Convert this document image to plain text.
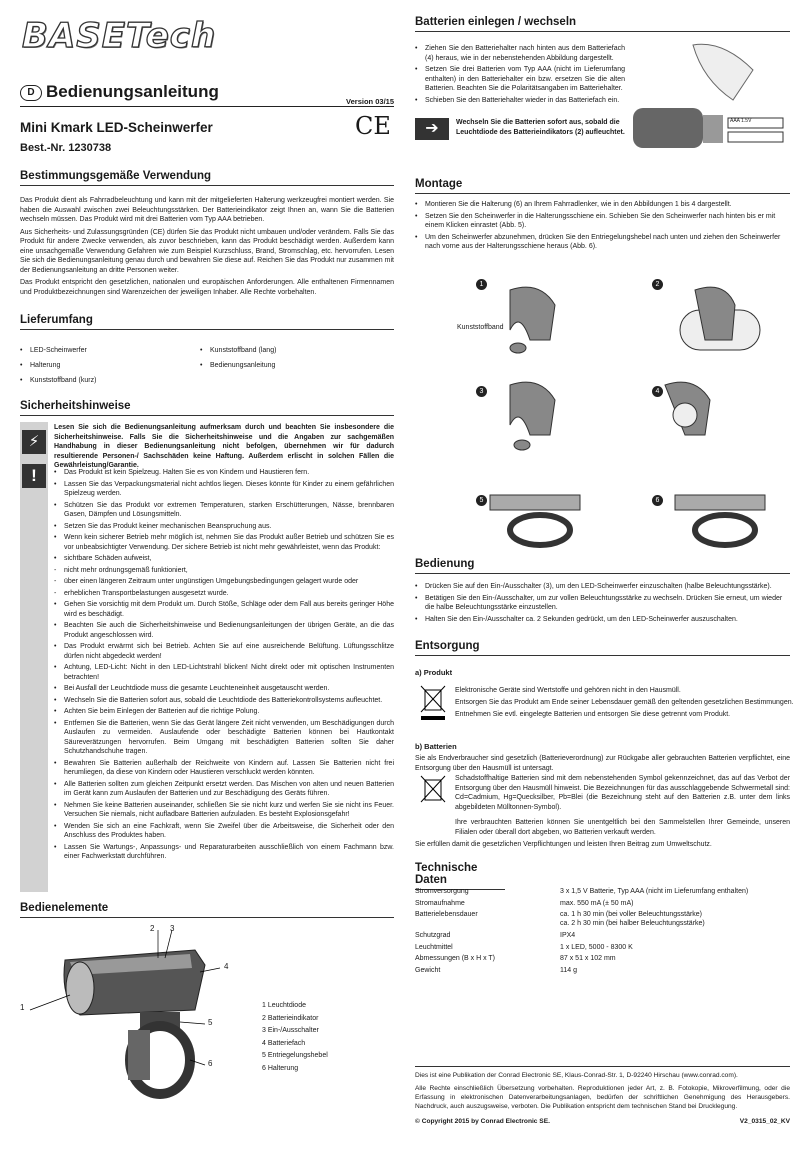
BASETech
D Bedienungsanleitung
Version 03/15
CE
Mini Kmark LED-Scheinwerfer
Best.-Nr. 1230738
Bestimmungsgemäße Verwendung
Das Produkt dient als Fahrradbeleuchtung und kann mit der mitgelieferten Halterung werkzeugfrei montiert werden. Sie haben die Auswahl zwischen zwei Beleuchtungsstärken. Der Batterieindikator zeigt Ihnen an, wann Sie die Batterien wechseln müssen. Das Produkt wird mit drei Batterien vom Typ AAA betrieben.
Aus Sicherheits- und Zulassungsgründen (CE) dürfen Sie das Produkt nicht umbauen und/oder verändern. Falls Sie das Produkt für andere Zwecke verwenden, als zuvor beschrieben, kann das Produkt beschädigt werden. Außerdem kann eine unsachgemäße Verwendung Gefahren wie zum Beispiel Kurzschluss, Brand, Stromschlag, etc. hervorrufen. Lesen Sie sich die Bedienungsanleitung genau durch und bewahren Sie diese auf. Reichen Sie das Produkt nur zusammen mit der Bedienungsanleitung an dritte Personen weiter.
Das Produkt entspricht den gesetzlichen, nationalen und europäischen Anforderungen. Alle enthaltenen Firmennamen und Produktbezeichnungen sind Warenzeichen der jeweiligen Inhaber. Alle Rechte vorbehalten.
Lieferumfang
• LED-Scheinwerfer
• Halterung
• Kunststoffband (kurz)
• Kunststoffband (lang)
• Bedienungsanleitung
Sicherheitshinweise
⚡
!
Lesen Sie sich die Bedienungsanleitung aufmerksam durch und beachten Sie insbesondere die Sicherheitshinweise. Falls Sie die Sicherheitshinweise und die Angaben zur sachgemäßen Handhabung in dieser Bedienungsanleitung nicht befolgen, übernehmen wir für dadurch resultierende Personen-/ Sachschäden keine Haftung. Außerdem erlischt in solchen Fällen die Gewährleistung/Garantie.
• Das Produkt ist kein Spielzeug. Halten Sie es von Kindern und Haustieren fern.
• Lassen Sie das Verpackungsmaterial nicht achtlos liegen. Dieses könnte für Kinder zu einem gefährlichen Spielzeug werden.
• Schützen Sie das Produkt vor extremen Temperaturen, starken Erschütterungen, Nässe, brennbaren Gasen, Dämpfen und Lösungsmitteln.
• Setzen Sie das Produkt keiner mechanischen Beanspruchung aus.
• Wenn kein sicherer Betrieb mehr möglich ist, nehmen Sie das Produkt außer Betrieb und schützen Sie es vor unbeabsichtigter Verwendung. Der sichere Betrieb ist nicht mehr gewährleistet, wenn das Produkt:
- • sichtbare Schäden aufweist,
- nicht mehr ordnungsgemäß funktioniert,
- über einen längeren Zeitraum unter ungünstigen Umgebungsbedingungen gelagert wurde oder
- erheblichen Transportbelastungen ausgesetzt wurde.
• Gehen Sie vorsichtig mit dem Produkt um. Durch Stöße, Schläge oder dem Fall aus bereits geringer Höhe wird es beschädigt.
• Beachten Sie auch die Sicherheitshinweise und Bedienungsanleitungen der übrigen Geräte, an die das Produkt angeschlossen wird.
• Das Produkt erwärmt sich bei Betrieb. Achten Sie auf eine ausreichende Belüftung. Lüftungsschlitze dürfen nicht abgedeckt werden!
• Achtung, LED-Licht: Nicht in den LED-Lichtstrahl blicken! Nicht direkt oder mit optischen Instrumenten betrachten!
• Bei Ausfall der Leuchtdiode muss die gesamte Leuchteneinheit ausgetauscht werden.
• Wechseln Sie die Batterien sofort aus, sobald die Leuchtdiode des Batteriekontrollsystems aufleuchtet.
• Achten Sie beim Einlegen der Batterien auf die richtige Polung.
• Entfernen Sie die Batterien, wenn Sie das Gerät längere Zeit nicht verwenden, um Beschädigungen durch Auslaufen zu vermeiden. Auslaufende oder beschädigte Batterien können bei Hautkontakt Säureverätzungen hervorrufen. Beim Umgang mit beschädigten Batterien sollten Sie daher Schutzhandschuhe tragen.
• Bewahren Sie Batterien außerhalb der Reichweite von Kindern auf. Lassen Sie Batterien nicht frei herumliegen, da diese von Kindern oder Haustieren verschluckt werden könnten.
• Alle Batterien sollten zum gleichen Zeitpunkt ersetzt werden. Das Mischen von alten und neuen Batterien im Gerät kann zum Auslaufen der Batterien und zur Beschädigung des Geräts führen.
• Nehmen Sie keine Batterien auseinander, schließen Sie sie nicht kurz und werfen Sie sie nicht ins Feuer. Versuchen Sie niemals, nicht aufladbare Batterien aufzuladen. Es besteht Explosionsgefahr!
• Wenden Sie sich an eine Fachkraft, wenn Sie Zweifel über die Arbeitsweise, die Sicherheit oder den Anschluss des Produktes haben.
• Lassen Sie Wartungs-, Anpassungs- und Reparaturarbeiten ausschließlich von einem Fachmann bzw. einer Fachwerkstatt durchführen.
Bedienelemente
1
2 3
4
5
6
1 Leuchtdiode
2 Batterieindikator
3 Ein-/Ausschalter
4 Batteriefach
5 Entriegelungshebel
6 Halterung
Batterien einlegen / wechseln
• Ziehen Sie den Batteriehalter nach hinten aus dem Batteriefach (4) heraus, wie in der nebenstehenden Abbildung dargestellt.
• Setzen Sie drei Batterien vom Typ AAA (nicht im Lieferumfang enthalten) in den Batteriehalter ein bzw. ersetzen Sie die alten Batterien. Beachten Sie die Polaritätsangaben im Batteriehalter.
• Schieben Sie den Batteriehalter wieder in das Batteriefach ein.
AAA 1.5V
➔	Wechseln Sie die Batterien sofort aus, sobald die Leuchtdiode des Batterieindikators (2) aufleuchtet.
Montage
• Montieren Sie die Halterung (6) an Ihrem Fahrradlenker, wie in den Abbildungen 1 bis 4 dargestellt.
• Setzen Sie den Scheinwerfer in die Halterungsschiene ein. Schieben Sie den Scheinwerfer nach hinten bis er mit einem Klicken einrastet (Abb. 5).
• Um den Scheinwerfer abzunehmen, drücken Sie den Entriegelungshebel nach unten und ziehen den Scheinwerfer nach vorne aus der Halterungsschiene heraus (Abb. 6).
Kunststoffband
1	2
3	4
5	6
Bedienung
• Drücken Sie auf den Ein-/Ausschalter (3), um den LED-Scheinwerfer einzuschalten (halbe Beleuchtungsstärke).
• Betätigen Sie den Ein-/Ausschalter, um zur vollen Beleuchtungsstärke zu wechseln. Drücken Sie erneut, um wieder die halbe Beleuchtungsstärke einzustellen.
• Halten Sie den Ein-/Ausschalter ca. 2 Sekunden gedrückt, um den LED-Scheinwerfer auszuschalten.
Entsorgung
a) Produkt
Elektronische Geräte sind Wertstoffe und gehören nicht in den Hausmüll.
Entsorgen Sie das Produkt am Ende seiner Lebensdauer gemäß den geltenden gesetzlichen Bestimmungen.
Entnehmen Sie evtl. eingelegte Batterien und entsorgen Sie diese getrennt vom Produkt.
b) Batterien
Sie als Endverbraucher sind gesetzlich (Batterieverordnung) zur Rückgabe aller gebrauchten Batterien verpflichtet, eine Entsorgung über den Hausmüll ist untersagt.
Schadstoffhaltige Batterien sind mit dem nebenstehenden Symbol gekennzeichnet, das auf das Verbot der Entsorgung über den Hausmüll hinweist. Die Bezeichnungen für das ausschlaggebende Schwermetall sind: Cd=Cadmium, Hg=Quecksilber, Pb=Blei (die Bezeichnung steht auf den Batterien z.B. unter dem links abgebildeten Mülltonnen-Symbol).
Ihre verbrauchten Batterien können Sie unentgeltlich bei den Sammelstellen Ihrer Gemeinde, unseren Filialen oder überall dort abgeben, wo Batterien verkauft werden.
Sie erfüllen damit die gesetzlichen Verpflichtungen und leisten Ihren Beitrag zum Umweltschutz.
Technische Daten
Stromversorgung	3 x 1,5 V Batterie, Typ AAA (nicht im Lieferumfang enthalten)
Stromaufnahme	max. 550 mA (± 50 mA)
Batterielebensdauer	ca. 1 h 30 min (bei voller Beleuchtungsstärke)
ca. 2 h 30 min (bei halber Beleuchtungsstärke)
Schutzgrad	IPX4
Leuchtmittel	1 x LED, 5000 - 8300 K
Abmessungen (B x H x T)	87 x 51 x 102 mm
Gewicht	114 g
Dies ist eine Publikation der Conrad Electronic SE, Klaus-Conrad-Str. 1, D-92240 Hirschau (www.conrad.com).
Alle Rechte einschließlich Übersetzung vorbehalten. Reproduktionen jeder Art, z. B. Fotokopie, Mikroverfilmung, oder die Erfassung in elektronischen Datenverarbeitungsanlagen, bedürfen der schriftlichen Genehmigung des Herausgebers. Nachdruck, auch auszugsweise, verboten. Die Publikation entspricht dem technischen Stand bei Drucklegung.
© Copyright 2015 by Conrad Electronic SE.	V2_0315_02_KV
